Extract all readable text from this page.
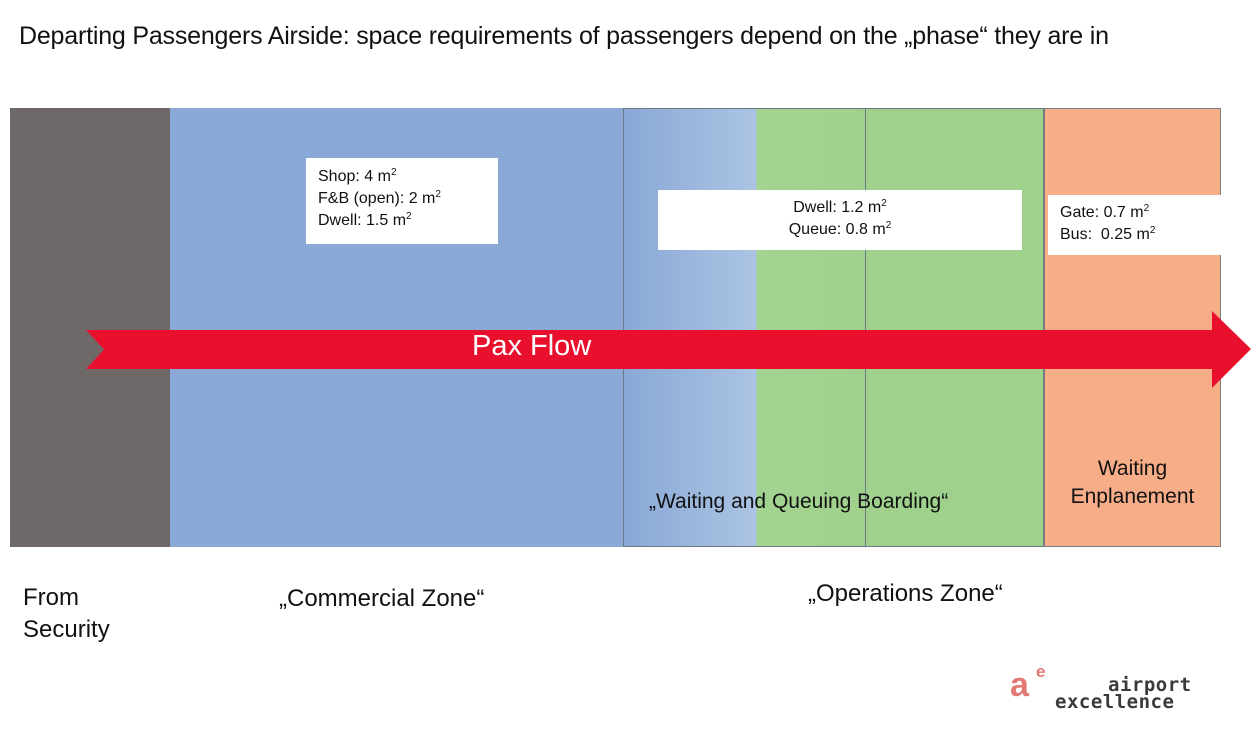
Departing Passengers Airside: space requirements of passengers depend on the „phase“ they are in
Shop: 4 $m^2$
F&B (open): 2 $m^2$
Dwell: 1.5 $m^2$
Dwell: 1.2 $m^2$
Queue: 0.8 $m^2$
Gate: 0.7 $m^2$
Bus:  0.25 $m^2$
Pax Flow
„Waiting and Queuing Boarding“
Waiting Enplanement
From Security
„Commercial Zone“	„Operations Zone“
a e
airport
excellence
